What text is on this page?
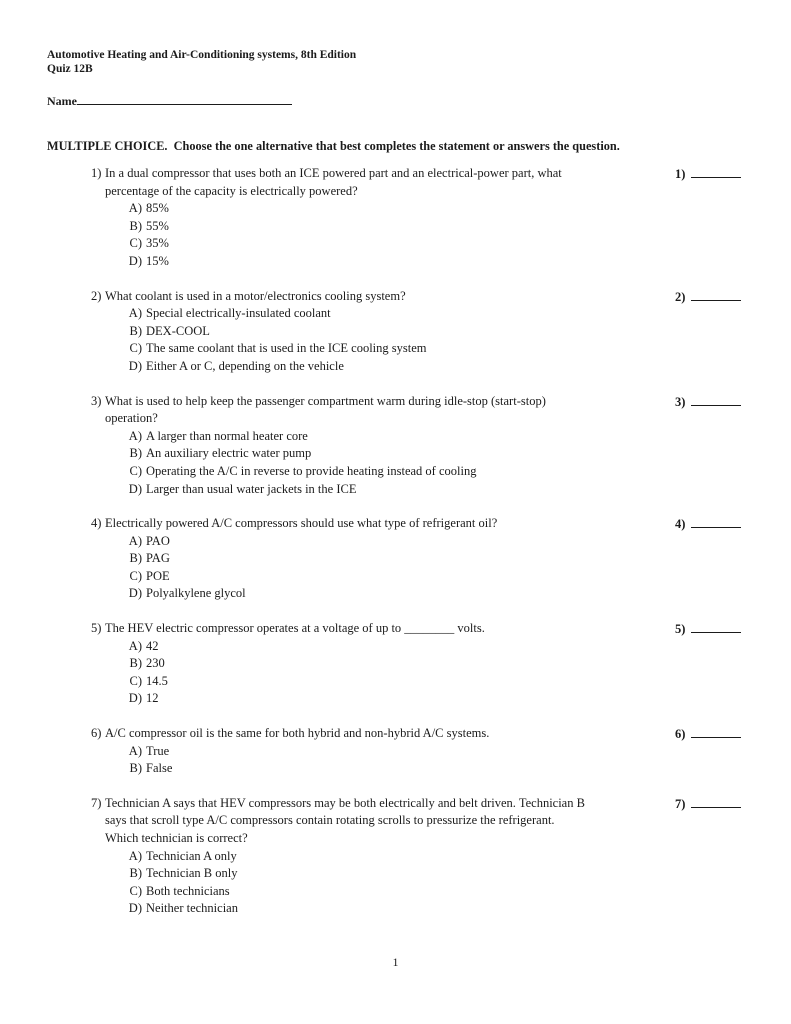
Automotive Heating and Air-Conditioning systems, 8th Edition
Quiz 12B
Name
MULTIPLE CHOICE.  Choose the one alternative that best completes the statement or answers the question.
1) In a dual compressor that uses both an ICE powered part and an electrical-power part, what
percentage of the capacity is electrically powered?
A) 85%
B) 55%
C) 35%
D) 15%
1)
2) What coolant is used in a motor/electronics cooling system?
A) Special electrically-insulated coolant
B) DEX-COOL
C) The same coolant that is used in the ICE cooling system
D) Either A or C, depending on the vehicle
2)
3) What is used to help keep the passenger compartment warm during idle-stop (start-stop)
operation?
A) A larger than normal heater core
B) An auxiliary electric water pump
C) Operating the A/C in reverse to provide heating instead of cooling
D) Larger than usual water jackets in the ICE
3)
4) Electrically powered A/C compressors should use what type of refrigerant oil?
A) PAO
B) PAG
C) POE
D) Polyalkylene glycol
4)
5) The HEV electric compressor operates at a voltage of up to ________ volts.
A) 42
B) 230
C) 14.5
D) 12
5)
6) A/C compressor oil is the same for both hybrid and non-hybrid A/C systems.
A) True
B) False
6)
7) Technician A says that HEV compressors may be both electrically and belt driven. Technician B
says that scroll type A/C compressors contain rotating scrolls to pressurize the refrigerant.
Which technician is correct?
A) Technician A only
B) Technician B only
C) Both technicians
D) Neither technician
7)
1
